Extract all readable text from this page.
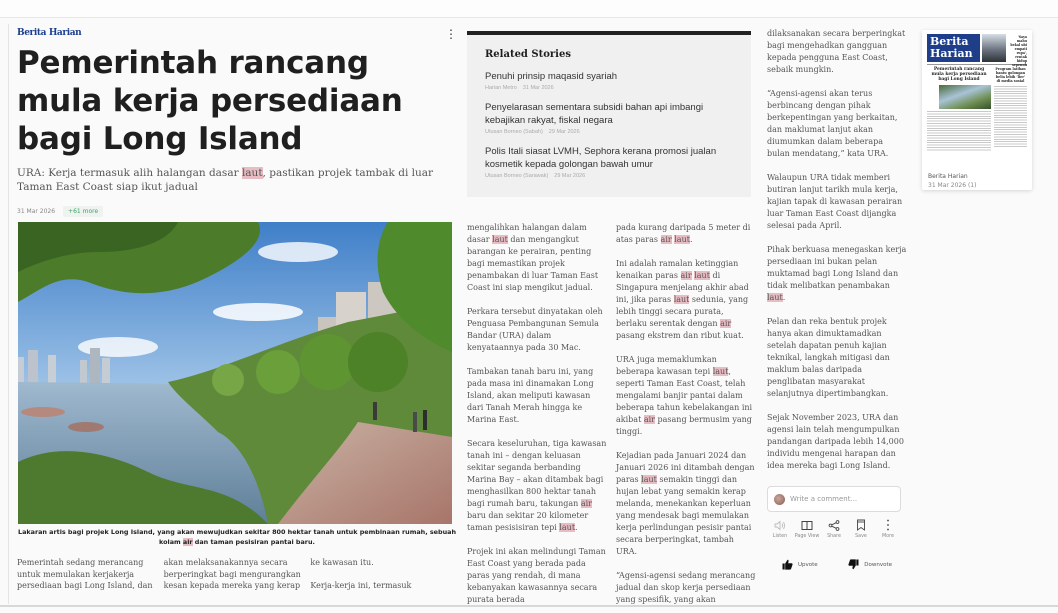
Berita Harian
Pemerintah rancang mula kerja persediaan bagi Long Island

URA: Kerja termasuk alih halangan dasar laut, pastikan projek tambak di luar Taman East Coast siap ikut jadual

31 Mar 2026	+61 more
⋮
Lakaran artis bagi projek Long Island, yang akan mewujudkan sekitar 800 hektar tanah untuk pembinaan rumah, sebuah kolam air dan taman pesisiran pantai baru.

Pemerintah sedang merancang untuk memulakan kerjakerja persediaan bagi Long Island, dan

akan melaksanakannya secara berperingkat bagi mengurangkan kesan kepada mereka yang kerap

ke kawasan itu.

Kerja-kerja ini, termasuk

Related Stories
Penuhi prinsip maqasid syariah
Harian Metro 31 Mar 2026
Penyelarasan sementara subsidi bahan api imbangi kebajikan rakyat, fiskal negara
Utusan Borneo (Sabah) 29 Mar 2026
Polis Itali siasat LVMH, Sephora kerana promosi jualan kosmetik kepada golongan bawah umur
Utusan Borneo (Sarawak) 29 Mar 2026

mengalihkan halangan dalam dasar laut dan mengangkut barangan ke perairan, penting bagi memastikan projek penambakan di luar Taman East Coast ini siap mengikut jadual.

Perkara tersebut dinyatakan oleh Penguasa Pembangunan Semula Bandar (URA) dalam kenyataannya pada 30 Mac.

Tambakan tanah baru ini, yang pada masa ini dinamakan Long Island, akan meliputi kawasan dari Tanah Merah hingga ke Marina East.

Secara keseluruhan, tiga kawasan tanah ini – dengan keluasan sekitar seganda berbanding Marina Bay – akan ditambak bagi menghasilkan 800 hektar tanah bagi rumah baru, takungan air baru dan sekitar 20 kilometer taman pesisisiran tepi laut.

Projek ini akan melindungi Taman East Coast yang berada pada paras yang rendah, di mana kebanyakan kawasannya secara purata berada

pada kurang daripada 5 meter di atas paras air laut.

Ini adalah ramalan ketinggian kenaikan paras air laut di Singapura menjelang akhir abad ini, jika paras laut sedunia, yang lebih tinggi secara purata, berlaku serentak dengan air pasang ekstrem dan ribut kuat.

URA juga memaklumkan beberapa kawasan tepi laut, seperti Taman East Coast, telah mengalami banjir pantai dalam beberapa tahun kebelakangan ini akibat air pasang bermusim yang tinggi.

Kejadian pada Januari 2024 dan Januari 2026 ini ditambah dengan paras laut semakin tinggi dan hujan lebat yang semakin kerap melanda, menekankan keperluan yang mendesak bagi memulakan kerja perlindungan pesisir pantai secara berperingkat, tambah URA.

“Agensi-agensi sedang merancang jadual dan skop kerja persediaan yang spesifik, yang akan

dilaksanakan secara berperingkat bagi mengehadkan gangguan kepada pengguna East Coast, sebaik mungkin.

“Agensi-agensi akan terus berbincang dengan pihak berkepentingan yang berkaitan, dan maklumat lanjut akan diumumkan dalam beberapa bulan mendatang,” kata URA.

Walaupun URA tidak memberi butiran lanjut tarikh mula kerja, kajian tapak di kawasan perairan luar Taman East Coast dijangka selesai pada April.

Pihak berkuasa menegaskan kerja persediaan ini bukan pelan muktamad bagi Long Island dan tidak melibatkan penambakan laut.

Pelan dan reka bentuk projek hanya akan dimuktamadkan setelah dapatan penuh kajian teknikal, langkah mitigasi dan maklum balas daripada penglibatan masyarakat selanjutnya dipertimbangkan.

Sejak November 2023, URA dan agensi lain telah mengumpulkan pandangan daripada lebih 14,000 individu mengenai harapan dan idea mereka bagi Long Island.

Write a comment...
Listen Page View Share	Save	More
Upvote	Downvote
Berita
Harian
'Saya mahu bekal ubi empati rupa', rentak hidup sepenuh
Pemerintah rancang mula kerja persediaan bagi Long Island
Program latihan bantu golongan belia lebih ‘lier’ di media sosial
Berita Harian
31 Mar 2026 (1)
